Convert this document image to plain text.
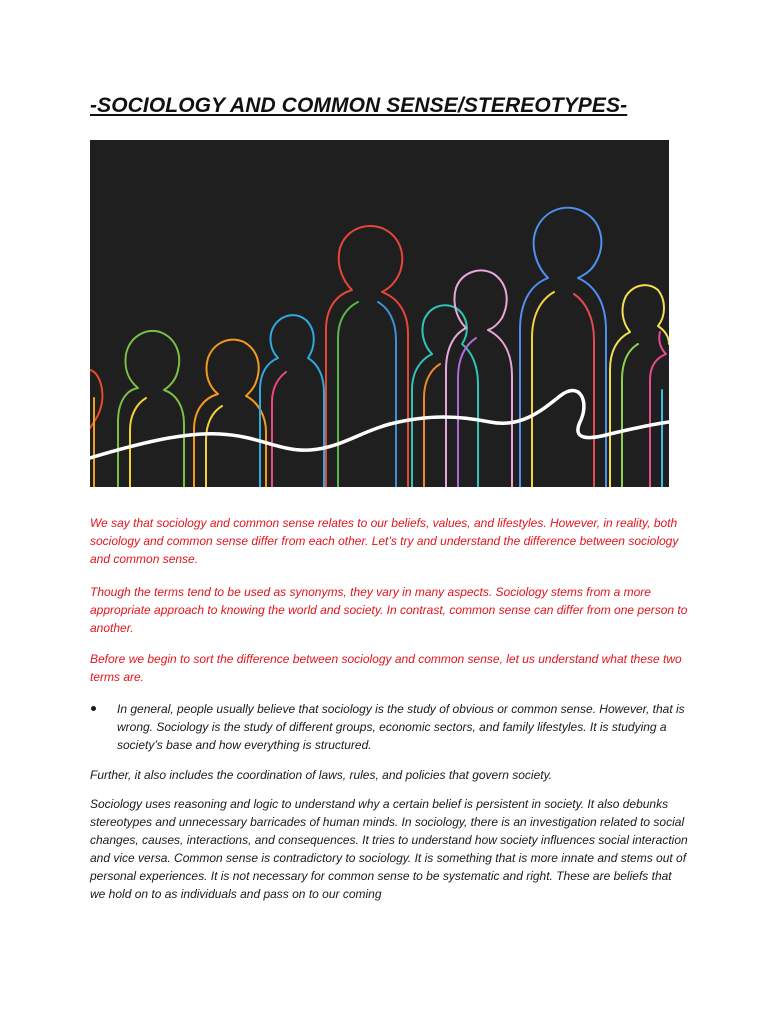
-SOCIOLOGY AND COMMON SENSE/STEREOTYPES-

We say that sociology and common sense relates to our beliefs, values, and lifestyles. However, in reality, both sociology and common sense differ from each other. Let’s try and understand the difference between sociology and common sense.

Though the terms tend to be used as synonyms, they vary in many aspects. Sociology stems from a more appropriate approach to knowing the world and society. In contrast, common sense can differ from one person to another.

Before we begin to sort the difference between sociology and common sense, let us understand what these two terms are.

In general, people usually believe that sociology is the study of obvious or common sense. However, that is wrong. Sociology is the study of different groups, economic sectors, and family lifestyles. It is studying a society’s base and how everything is structured.

Further, it also includes the coordination of laws, rules, and policies that govern society.

Sociology uses reasoning and logic to understand why a certain belief is persistent in society. It also debunks stereotypes and unnecessary barricades of human minds. In sociology, there is an investigation related to social changes, causes, interactions, and consequences. It tries to understand how society influences social interaction and vice versa. Common sense is contradictory to sociology. It is something that is more innate and stems out of personal experiences. It is not necessary for common sense to be systematic and right. These are beliefs that we hold on to as individuals and pass on to our coming
